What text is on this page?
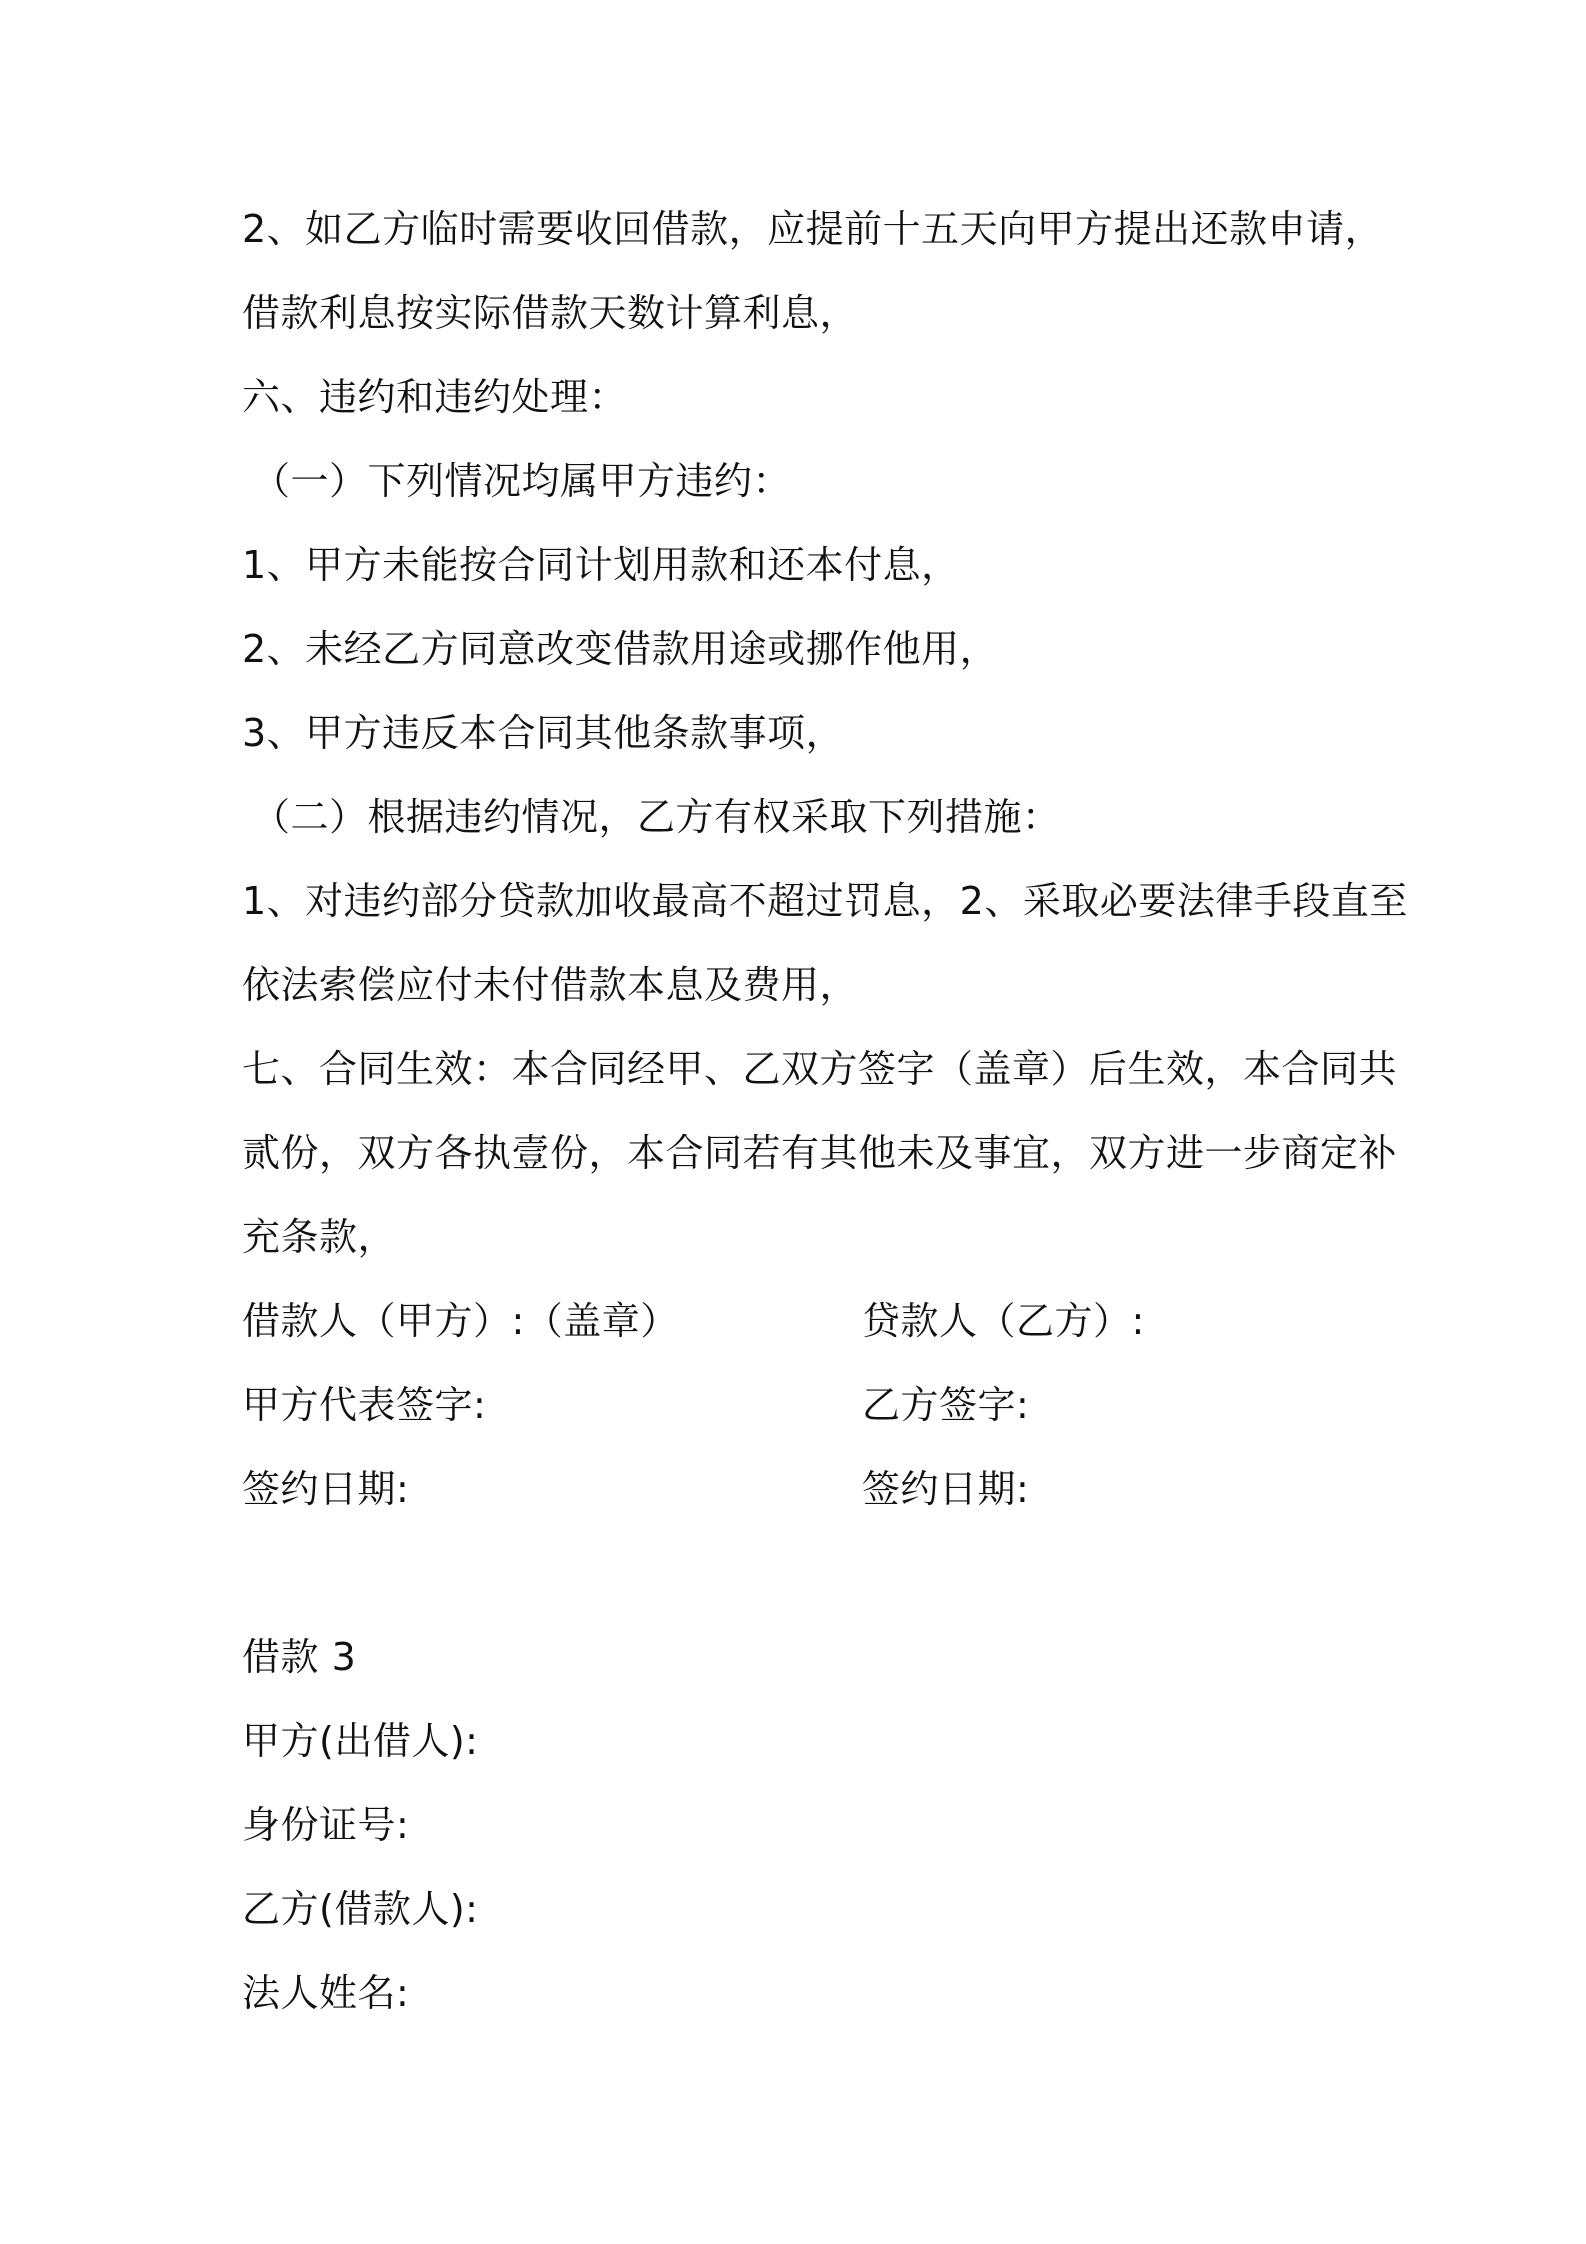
2、如乙方临时需要收回借款，应提前十五天向甲方提出还款申请，
借款利息按实际借款天数计算利息，
六、违约和违约处理：
（一）下列情况均属甲方违约：
1、甲方未能按合同计划用款和还本付息，
2、未经乙方同意改变借款用途或挪作他用，
3、甲方违反本合同其他条款事项，
（二）根据违约情况，乙方有权采取下列措施：
1、对违约部分贷款加收最高不超过罚息，2、采取必要法律手段直至
依法索偿应付未付借款本息及费用，
七、合同生效：本合同经甲、乙双方签字（盖章）后生效，本合同共
贰份，双方各执壹份，本合同若有其他未及事宜，双方进一步商定补
充条款，
借款人（甲方）:（盖章）	贷款人（乙方）:
甲方代表签字:	乙方签字:
签约日期:	签约日期:
借款 3
甲方(出借人):
身份证号:
乙方(借款人):
法人姓名:
